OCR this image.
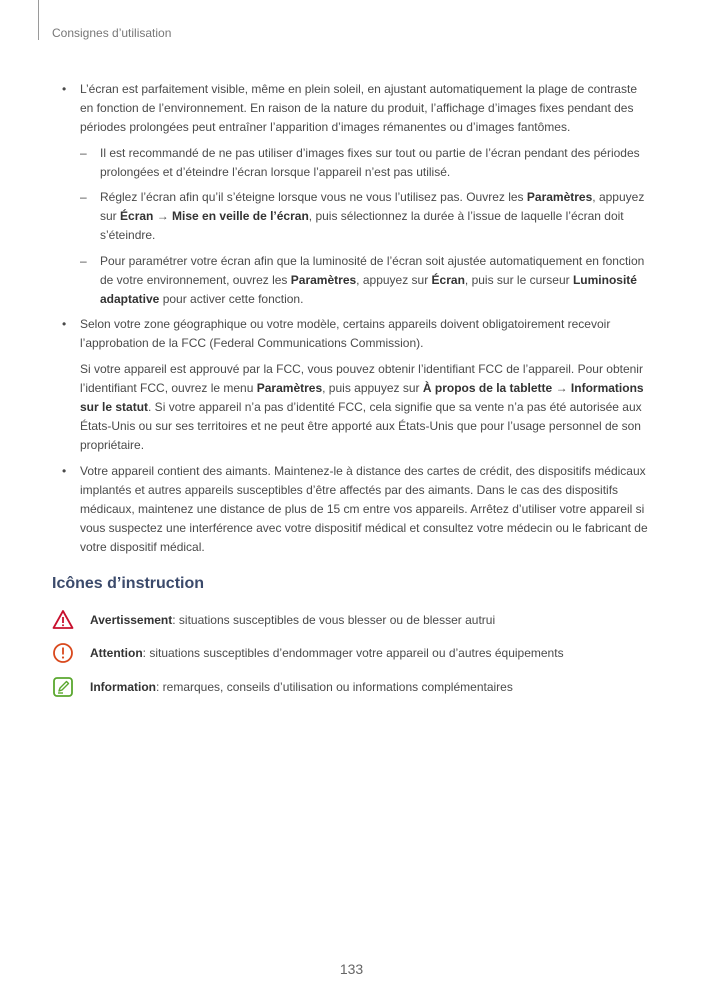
Consignes d’utilisation
• L’écran est parfaitement visible, même en plein soleil, en ajustant automatiquement la plage de contraste en fonction de l’environnement. En raison de la nature du produit, l’affichage d’images fixes pendant des périodes prolongées peut entraîner l’apparition d’images rémanentes ou d’images fantômes.
– Il est recommandé de ne pas utiliser d’images fixes sur tout ou partie de l’écran pendant des périodes prolongées et d’éteindre l’écran lorsque l’appareil n’est pas utilisé.
– Réglez l’écran afin qu’il s’éteigne lorsque vous ne vous l’utilisez pas. Ouvrez les Paramètres, appuyez sur Écran → Mise en veille de l’écran, puis sélectionnez la durée à l’issue de laquelle l’écran doit s’éteindre.
– Pour paramétrer votre écran afin que la luminosité de l’écran soit ajustée automatiquement en fonction de votre environnement, ouvrez les Paramètres, appuyez sur Écran, puis sur le curseur Luminosité adaptative pour activer cette fonction.
• Selon votre zone géographique ou votre modèle, certains appareils doivent obligatoirement recevoir l’approbation de la FCC (Federal Communications Commission).
Si votre appareil est approuvé par la FCC, vous pouvez obtenir l’identifiant FCC de l’appareil. Pour obtenir l’identifiant FCC, ouvrez le menu Paramètres, puis appuyez sur À propos de la tablette → Informations sur le statut. Si votre appareil n’a pas d’identité FCC, cela signifie que sa vente n’a pas été autorisée aux États-Unis ou sur ses territoires et ne peut être apporté aux États-Unis que pour l’usage personnel de son propriétaire.
• Votre appareil contient des aimants. Maintenez-le à distance des cartes de crédit, des dispositifs médicaux implantés et autres appareils susceptibles d’être affectés par des aimants. Dans le cas des dispositifs médicaux, maintenez une distance de plus de 15 cm entre vos appareils. Arrêtez d’utiliser votre appareil si vous suspectez une interférence avec votre dispositif médical et consultez votre médecin ou le fabricant de votre dispositif médical.
Icônes d’instruction
Avertissement : situations susceptibles de vous blesser ou de blesser autrui
Attention : situations susceptibles d’endommager votre appareil ou d’autres équipements
Information : remarques, conseils d’utilisation ou informations complémentaires
133
